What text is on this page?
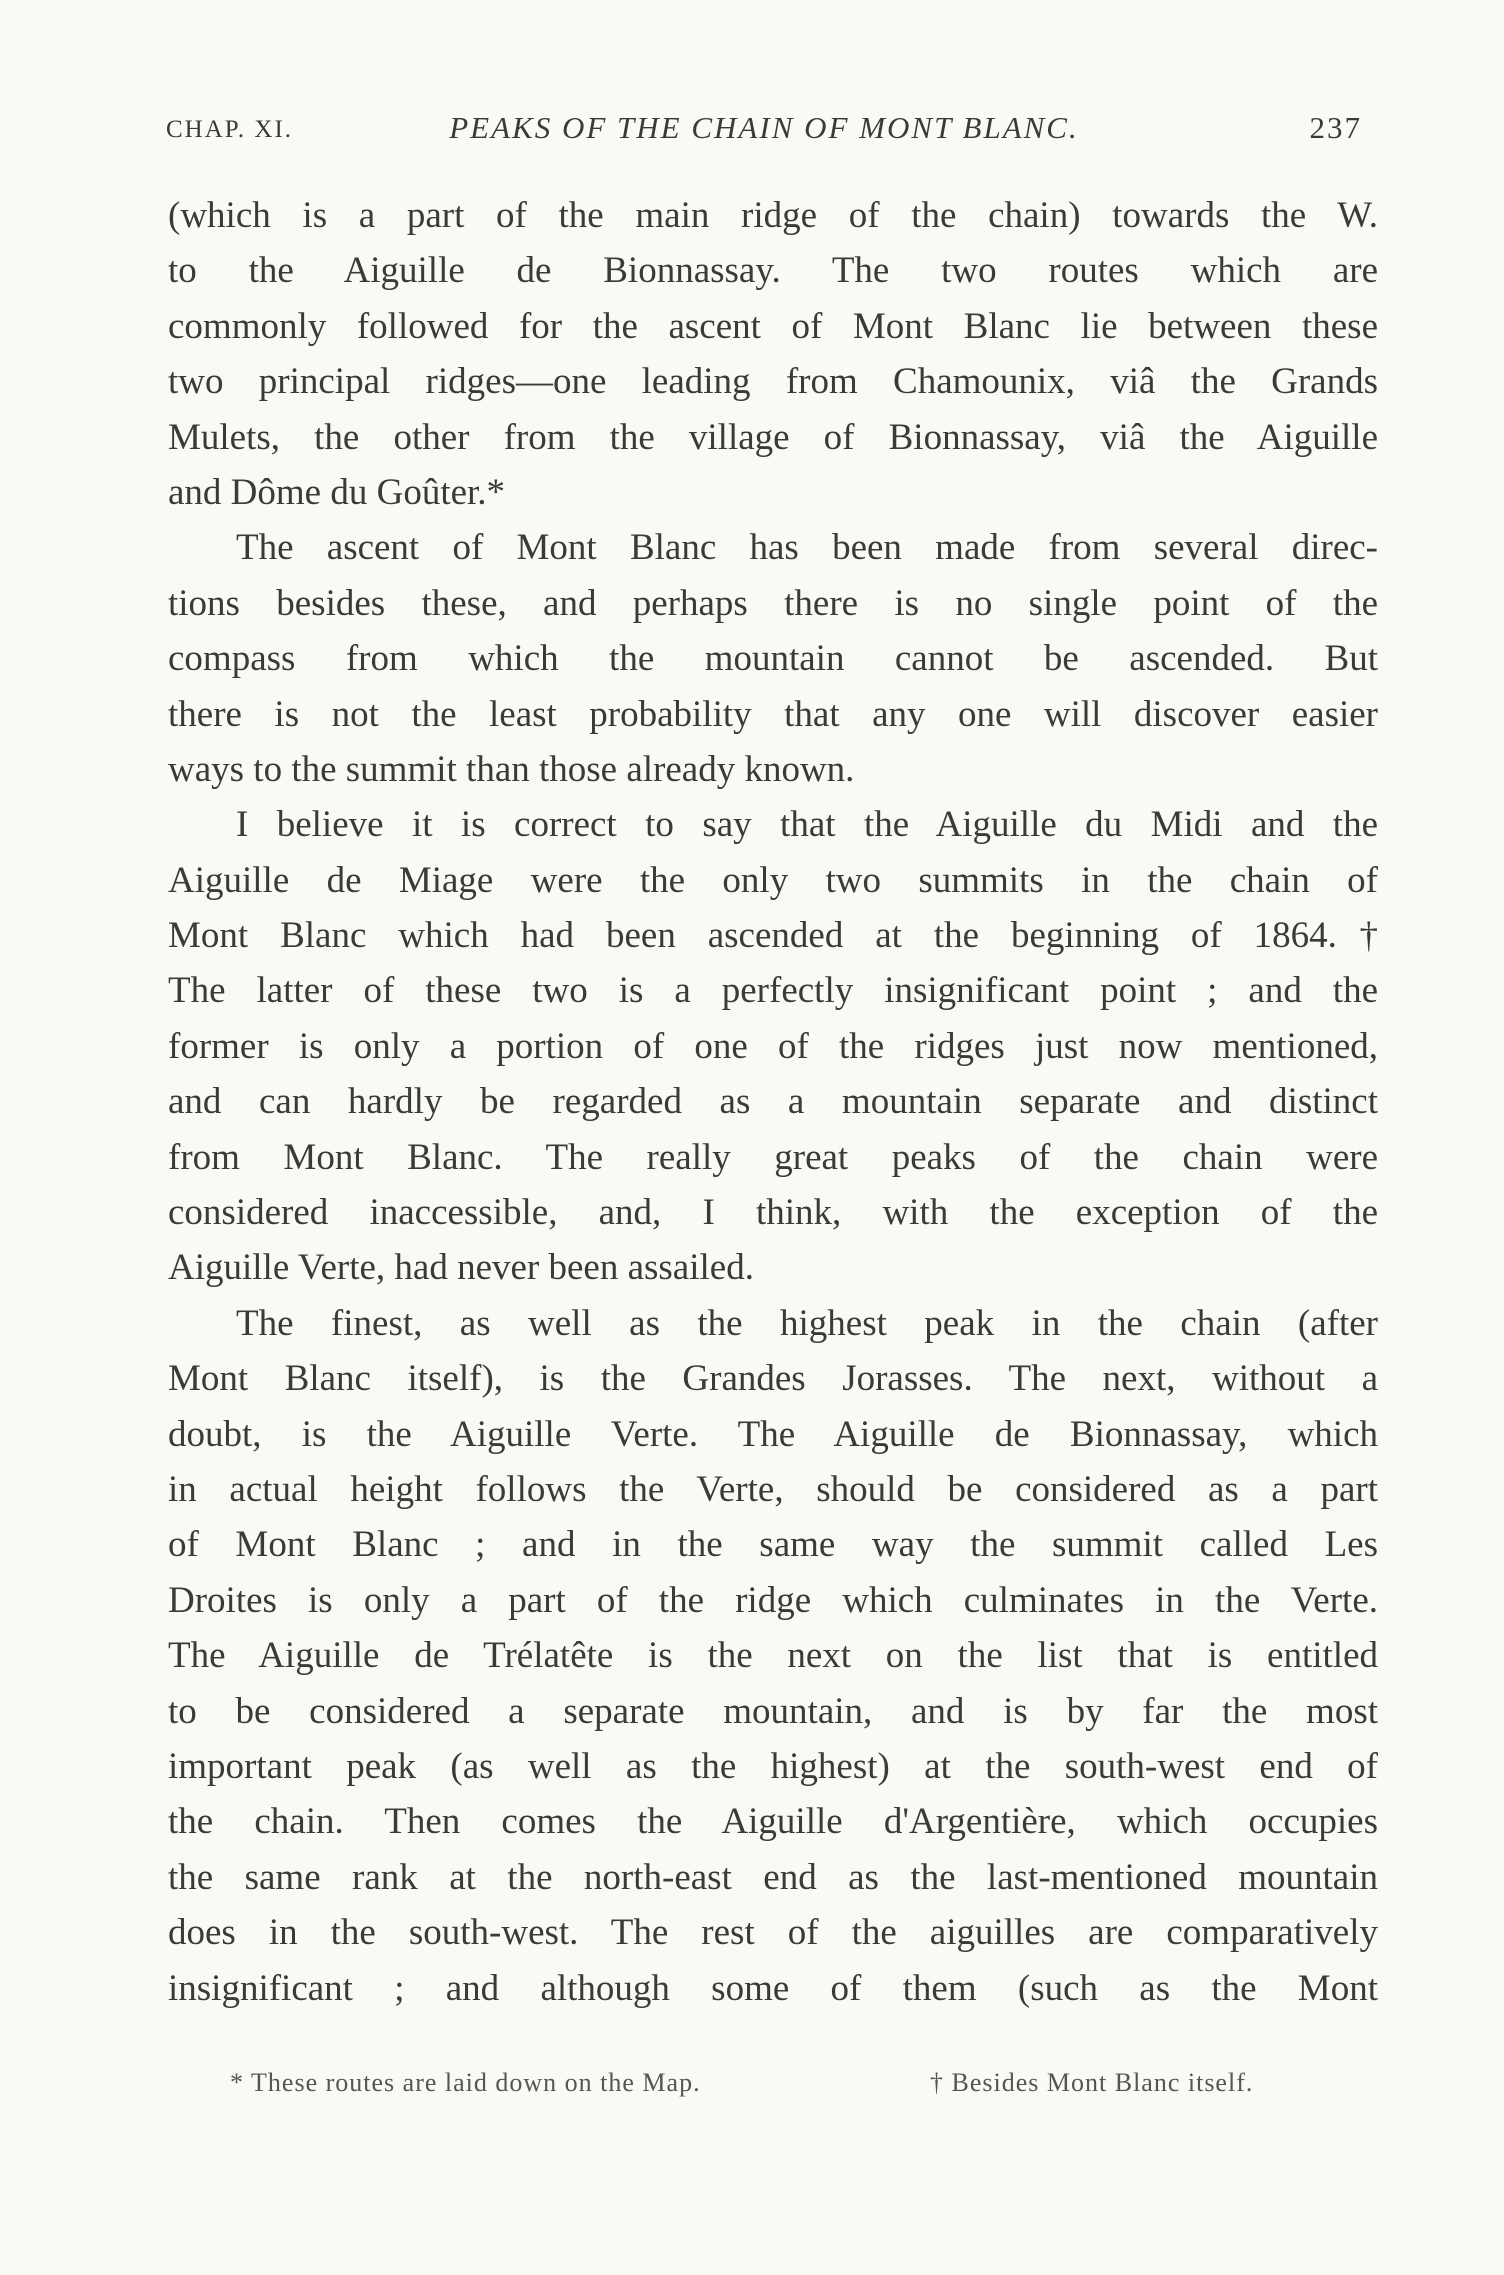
CHAP. XI.	PEAKS OF THE CHAIN OF MONT BLANC.	237
(which is a part of the main ridge of the chain) towards the W.
to the Aiguille de Bionnassay. The two routes which are
commonly followed for the ascent of Mont Blanc lie between these
two principal ridges—one leading from Chamounix, viâ the Grands
Mulets, the other from the village of Bionnassay, viâ the Aiguille
and Dôme du Goûter.*
The ascent of Mont Blanc has been made from several direc-
tions besides these, and perhaps there is no single point of the
compass from which the mountain cannot be ascended. But
there is not the least probability that any one will discover easier
ways to the summit than those already known.
I believe it is correct to say that the Aiguille du Midi and the
Aiguille de Miage were the only two summits in the chain of
Mont Blanc which had been ascended at the beginning of 1864.†
The latter of these two is a perfectly insignificant point ; and the
former is only a portion of one of the ridges just now mentioned,
and can hardly be regarded as a mountain separate and distinct
from Mont Blanc. The really great peaks of the chain were
considered inaccessible, and, I think, with the exception of the
Aiguille Verte, had never been assailed.
The finest, as well as the highest peak in the chain (after
Mont Blanc itself), is the Grandes Jorasses. The next, without a
doubt, is the Aiguille Verte. The Aiguille de Bionnassay, which
in actual height follows the Verte, should be considered as a part
of Mont Blanc ; and in the same way the summit called Les
Droites is only a part of the ridge which culminates in the Verte.
The Aiguille de Trélatête is the next on the list that is entitled
to be considered a separate mountain, and is by far the most
important peak (as well as the highest) at the south-west end of
the chain. Then comes the Aiguille d'Argentière, which occupies
the same rank at the north-east end as the last-mentioned mountain
does in the south-west. The rest of the aiguilles are comparatively
insignificant ; and although some of them (such as the Mont
* These routes are laid down on the Map.	† Besides Mont Blanc itself.
